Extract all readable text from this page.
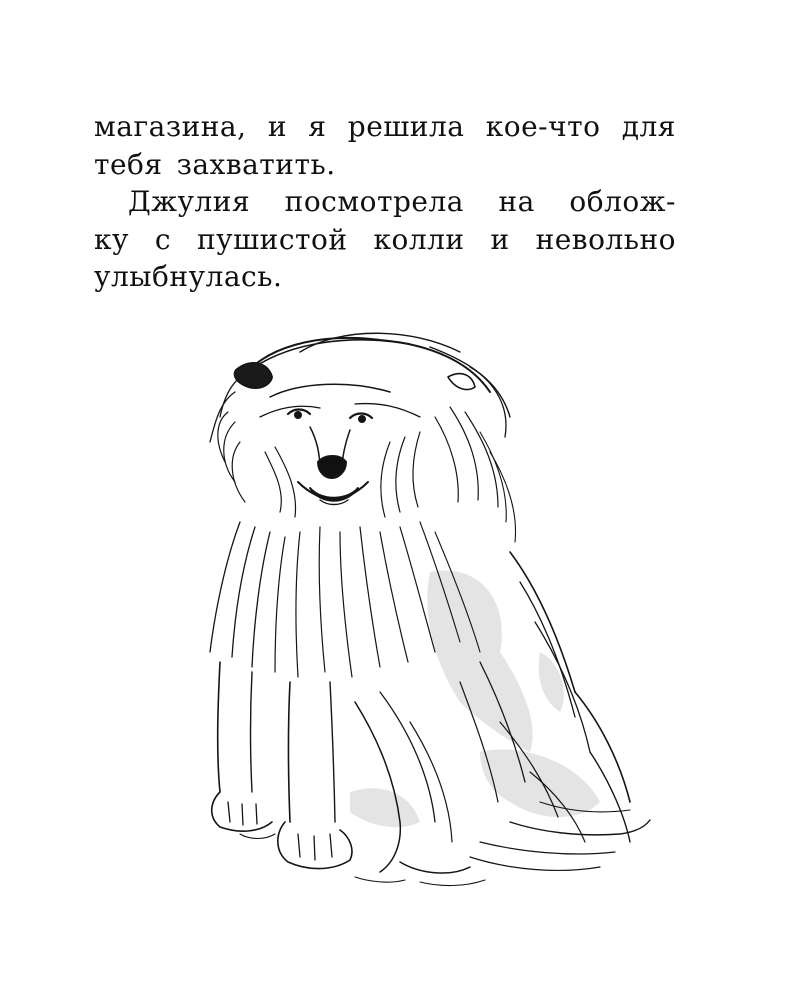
магазина, и я решила кое-что для
тебя захватить.
Джулия посмотрела на облож-
ку с пушистой колли и невольно
улыбнулась.
